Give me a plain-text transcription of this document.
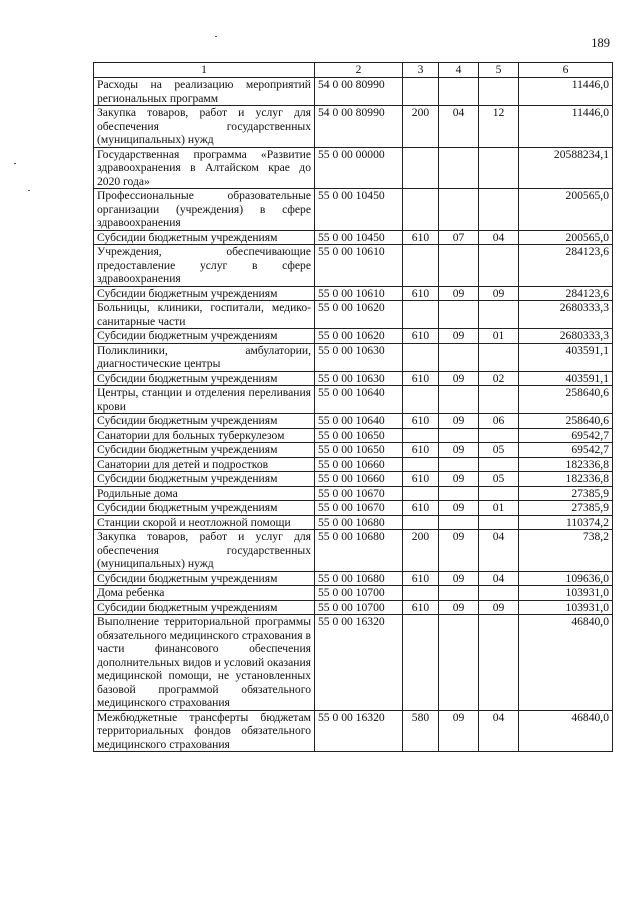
189
1	2	3	4	5	6
Расходы на реализацию мероприятий региональных программ	54 0 00 80990				11446,0
Закупка товаров, работ и услуг для обеспечения государственных (муниципальных) нужд	54 0 00 80990	200	04	12	11446,0
Государственная программа «Развитие здравоохранения в Алтайском крае до 2020 года»	55 0 00 00000				20588234,1
Профессиональные образовательные организации (учреждения) в сфере здравоохранения	55 0 00 10450				200565,0
Субсидии бюджетным учреждениям	55 0 00 10450	610	07	04	200565,0
Учреждения, обеспечивающие предоставление услуг в сфере здравоохранения	55 0 00 10610				284123,6
Субсидии бюджетным учреждениям	55 0 00 10610	610	09	09	284123,6
Больницы, клиники, госпитали, медико-санитарные части	55 0 00 10620				2680333,3
Субсидии бюджетным учреждениям	55 0 00 10620	610	09	01	2680333,3
Поликлиники, амбулатории, диагностические центры	55 0 00 10630				403591,1
Субсидии бюджетным учреждениям	55 0 00 10630	610	09	02	403591,1
Центры, станции и отделения переливания крови	55 0 00 10640				258640,6
Субсидии бюджетным учреждениям	55 0 00 10640	610	09	06	258640,6
Санатории для больных туберкулезом	55 0 00 10650				69542,7
Субсидии бюджетным учреждениям	55 0 00 10650	610	09	05	69542,7
Санатории для детей и подростков	55 0 00 10660				182336,8
Субсидии бюджетным учреждениям	55 0 00 10660	610	09	05	182336,8
Родильные дома	55 0 00 10670				27385,9
Субсидии бюджетным учреждениям	55 0 00 10670	610	09	01	27385,9
Станции скорой и неотложной помощи	55 0 00 10680				110374,2
Закупка товаров, работ и услуг для обеспечения государственных (муниципальных) нужд	55 0 00 10680	200	09	04	738,2
Субсидии бюджетным учреждениям	55 0 00 10680	610	09	04	109636,0
Дома ребенка	55 0 00 10700				103931,0
Субсидии бюджетным учреждениям	55 0 00 10700	610	09	09	103931,0
Выполнение территориальной программы обязательного медицинского страхования в части финансового обеспечения дополнительных видов и условий оказания медицинской помощи, не установленных базовой программой обязательного медицинского страхования	55 0 00 16320				46840,0
Межбюджетные трансферты бюджетам территориальных фондов обязательного медицинского страхования	55 0 00 16320	580	09	04	46840,0
